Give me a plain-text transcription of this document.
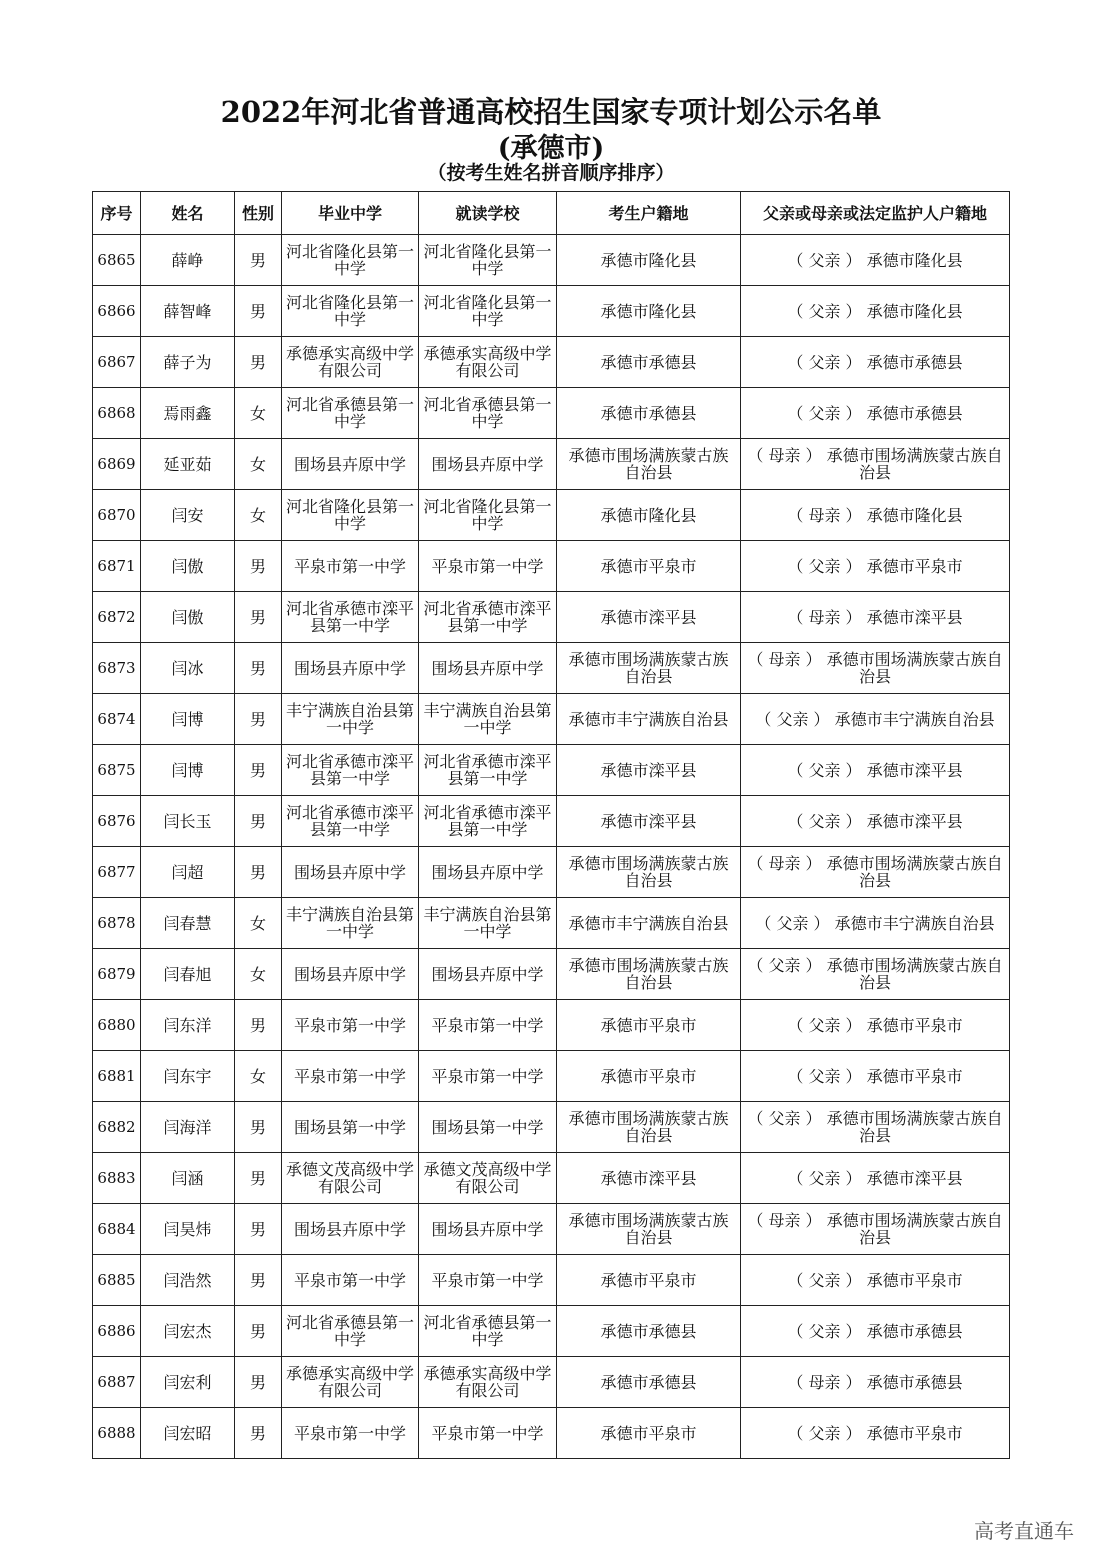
2022年河北省普通高校招生国家专项计划公示名单
(承德市)
（按考生姓名拼音顺序排序）
序号	姓名	性别	毕业中学	就读学校	考生户籍地	父亲或母亲或法定监护人户籍地
6865	薛峥	男	河北省隆化县第一中学	河北省隆化县第一中学	承德市隆化县	（ 父亲 ） 承德市隆化县
6866	薛智峰	男	河北省隆化县第一中学	河北省隆化县第一中学	承德市隆化县	（ 父亲 ） 承德市隆化县
6867	薛子为	男	承德承实高级中学有限公司	承德承实高级中学有限公司	承德市承德县	（ 父亲 ） 承德市承德县
6868	焉雨鑫	女	河北省承德县第一中学	河北省承德县第一中学	承德市承德县	（ 父亲 ） 承德市承德县
6869	延亚茹	女	围场县卉原中学	围场县卉原中学	承德市围场满族蒙古族自治县	（ 母亲 ） 承德市围场满族蒙古族自治县
6870	闫安	女	河北省隆化县第一中学	河北省隆化县第一中学	承德市隆化县	（ 母亲 ） 承德市隆化县
6871	闫傲	男	平泉市第一中学	平泉市第一中学	承德市平泉市	（ 父亲 ） 承德市平泉市
6872	闫傲	男	河北省承德市滦平县第一中学	河北省承德市滦平县第一中学	承德市滦平县	（ 母亲 ） 承德市滦平县
6873	闫冰	男	围场县卉原中学	围场县卉原中学	承德市围场满族蒙古族自治县	（ 母亲 ） 承德市围场满族蒙古族自治县
6874	闫博	男	丰宁满族自治县第一中学	丰宁满族自治县第一中学	承德市丰宁满族自治县	（ 父亲 ） 承德市丰宁满族自治县
6875	闫博	男	河北省承德市滦平县第一中学	河北省承德市滦平县第一中学	承德市滦平县	（ 父亲 ） 承德市滦平县
6876	闫长玉	男	河北省承德市滦平县第一中学	河北省承德市滦平县第一中学	承德市滦平县	（ 父亲 ） 承德市滦平县
6877	闫超	男	围场县卉原中学	围场县卉原中学	承德市围场满族蒙古族自治县	（ 母亲 ） 承德市围场满族蒙古族自治县
6878	闫春慧	女	丰宁满族自治县第一中学	丰宁满族自治县第一中学	承德市丰宁满族自治县	（ 父亲 ） 承德市丰宁满族自治县
6879	闫春旭	女	围场县卉原中学	围场县卉原中学	承德市围场满族蒙古族自治县	（ 父亲 ） 承德市围场满族蒙古族自治县
6880	闫东洋	男	平泉市第一中学	平泉市第一中学	承德市平泉市	（ 父亲 ） 承德市平泉市
6881	闫东宇	女	平泉市第一中学	平泉市第一中学	承德市平泉市	（ 父亲 ） 承德市平泉市
6882	闫海洋	男	围场县第一中学	围场县第一中学	承德市围场满族蒙古族自治县	（ 父亲 ） 承德市围场满族蒙古族自治县
6883	闫涵	男	承德文茂高级中学有限公司	承德文茂高级中学有限公司	承德市滦平县	（ 父亲 ） 承德市滦平县
6884	闫昊炜	男	围场县卉原中学	围场县卉原中学	承德市围场满族蒙古族自治县	（ 母亲 ） 承德市围场满族蒙古族自治县
6885	闫浩然	男	平泉市第一中学	平泉市第一中学	承德市平泉市	（ 父亲 ） 承德市平泉市
6886	闫宏杰	男	河北省承德县第一中学	河北省承德县第一中学	承德市承德县	（ 父亲 ） 承德市承德县
6887	闫宏利	男	承德承实高级中学有限公司	承德承实高级中学有限公司	承德市承德县	（ 母亲 ） 承德市承德县
6888	闫宏昭	男	平泉市第一中学	平泉市第一中学	承德市平泉市	（ 父亲 ） 承德市平泉市
高考直通车
